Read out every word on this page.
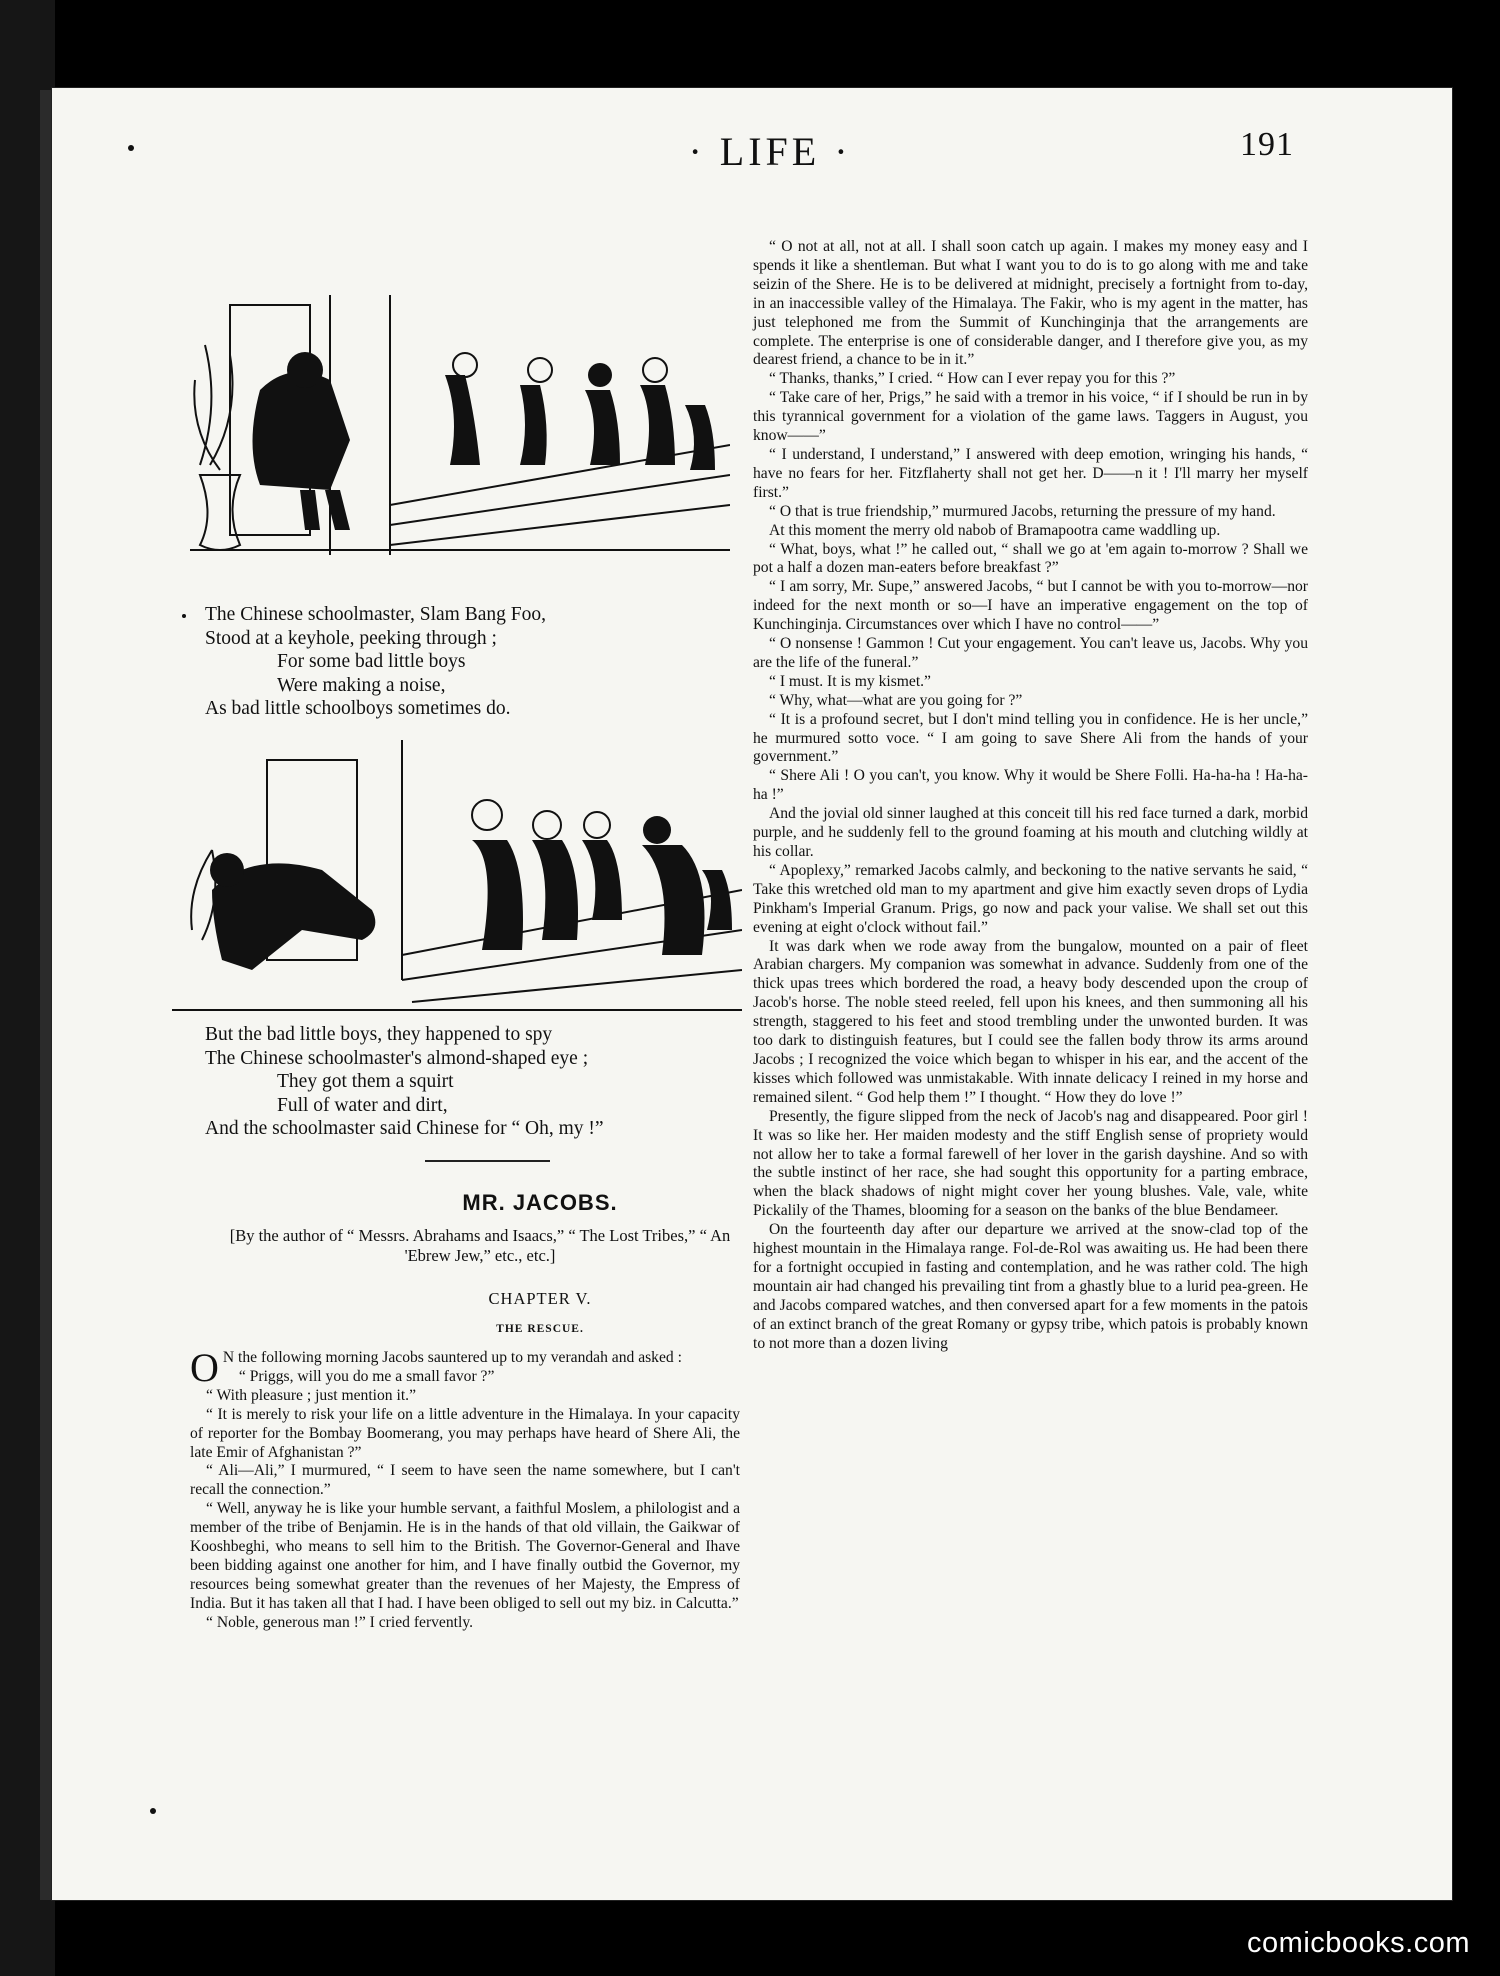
· LIFE ·	191
The Chinese schoolmaster, Slam Bang Foo,
Stood at a keyhole, peeking through ;
For some bad little boys
Were making a noise,
As bad little schoolboys sometimes do.
But the bad little boys, they happened to spy
The Chinese schoolmaster's almond-shaped eye ;
They got them a squirt
Full of water and dirt,
And the schoolmaster said Chinese for “ Oh, my !”
MR. JACOBS.
[By the author of “ Messrs. Abrahams and Isaacs,” “ The Lost Tribes,” “ An 'Ebrew Jew,” etc., etc.]
CHAPTER V.
THE RESCUE.

O N the following morning Jacobs sauntered up to my verandah and asked :

“ Priggs, will you do me a small favor ?”

“ With pleasure ; just mention it.”

“ It is merely to risk your life on a little adventure in the Himalaya. In your capacity of reporter for the Bombay Boomerang, you may perhaps have heard of Shere Ali, the late Emir of Afghanistan ?”

“ Ali—Ali,” I murmured, “ I seem to have seen the name somewhere, but I can't recall the connection.”

“ Well, anyway he is like your humble servant, a faithful Moslem, a philologist and a member of the tribe of Benjamin. He is in the hands of that old villain, the Gaikwar of Kooshbeghi, who means to sell him to the British. The Governor-General and Ihave been bidding against one another for him, and I have finally outbid the Governor, my resources being somewhat greater than the revenues of her Majesty, the Empress of India. But it has taken all that I had. I have been obliged to sell out my biz. in Calcutta.”

“ Noble, generous man !” I cried fervently.

“ O not at all, not at all. I shall soon catch up again. I makes my money easy and I spends it like a shentleman. But what I want you to do is to go along with me and take seizin of the Shere. He is to be delivered at midnight, precisely a fortnight from to-day, in an inaccessible valley of the Himalaya. The Fakir, who is my agent in the matter, has just telephoned me from the Summit of Kunchinginja that the arrangements are complete. The enterprise is one of considerable danger, and I therefore give you, as my dearest friend, a chance to be in it.”

“ Thanks, thanks,” I cried. “ How can I ever repay you for this ?”

“ Take care of her, Prigs,” he said with a tremor in his voice, “ if I should be run in by this tyrannical government for a violation of the game laws. Taggers in August, you know——”

“ I understand, I understand,” I answered with deep emotion, wringing his hands, “ have no fears for her. Fitzflaherty shall not get her. D——n it ! I'll marry her myself first.”

“ O that is true friendship,” murmured Jacobs, returning the pressure of my hand.

At this moment the merry old nabob of Bramapootra came waddling up.

“ What, boys, what !” he called out, “ shall we go at 'em again to-morrow ? Shall we pot a half a dozen man-eaters before breakfast ?”

“ I am sorry, Mr. Supe,” answered Jacobs, “ but I cannot be with you to-morrow—nor indeed for the next month or so—I have an imperative engagement on the top of Kunchinginja. Circumstances over which I have no control——”

“ O nonsense ! Gammon ! Cut your engagement. You can't leave us, Jacobs. Why you are the life of the funeral.”

“ I must. It is my kismet.”

“ Why, what—what are you going for ?”

“ It is a profound secret, but I don't mind telling you in confidence. He is her uncle,” he murmured sotto voce. “ I am going to save Shere Ali from the hands of your government.”

“ Shere Ali ! O you can't, you know. Why it would be Shere Folli. Ha-ha-ha ! Ha-ha-ha !”

And the jovial old sinner laughed at this conceit till his red face turned a dark, morbid purple, and he suddenly fell to the ground foaming at his mouth and clutching wildly at his collar.

“ Apoplexy,” remarked Jacobs calmly, and beckoning to the native servants he said, “ Take this wretched old man to my apartment and give him exactly seven drops of Lydia Pinkham's Imperial Granum. Prigs, go now and pack your valise. We shall set out this evening at eight o'clock without fail.”

It was dark when we rode away from the bungalow, mounted on a pair of fleet Arabian chargers. My companion was somewhat in advance. Suddenly from one of the thick upas trees which bordered the road, a heavy body descended upon the croup of Jacob's horse. The noble steed reeled, fell upon his knees, and then summoning all his strength, staggered to his feet and stood trembling under the unwonted burden. It was too dark to distinguish features, but I could see the fallen body throw its arms around Jacobs ; I recognized the voice which began to whisper in his ear, and the accent of the kisses which followed was unmistakable. With innate delicacy I reined in my horse and remained silent. “ God help them !” I thought. “ How they do love !”

Presently, the figure slipped from the neck of Jacob's nag and disappeared. Poor girl ! It was so like her. Her maiden modesty and the stiff English sense of propriety would not allow her to take a formal farewell of her lover in the garish dayshine. And so with the subtle instinct of her race, she had sought this opportunity for a parting embrace, when the black shadows of night might cover her young blushes. Vale, vale, white Pickalily of the Thames, blooming for a season on the banks of the blue Bendameer.

On the fourteenth day after our departure we arrived at the snow-clad top of the highest mountain in the Himalaya range. Fol-de-Rol was awaiting us. He had been there for a fortnight occupied in fasting and contemplation, and he was rather cold. The high mountain air had changed his prevailing tint from a ghastly blue to a lurid pea-green. He and Jacobs compared watches, and then conversed apart for a few moments in the patois of an extinct branch of the great Romany or gypsy tribe, which patois is probably known to not more than a dozen living

comicbooks.com
